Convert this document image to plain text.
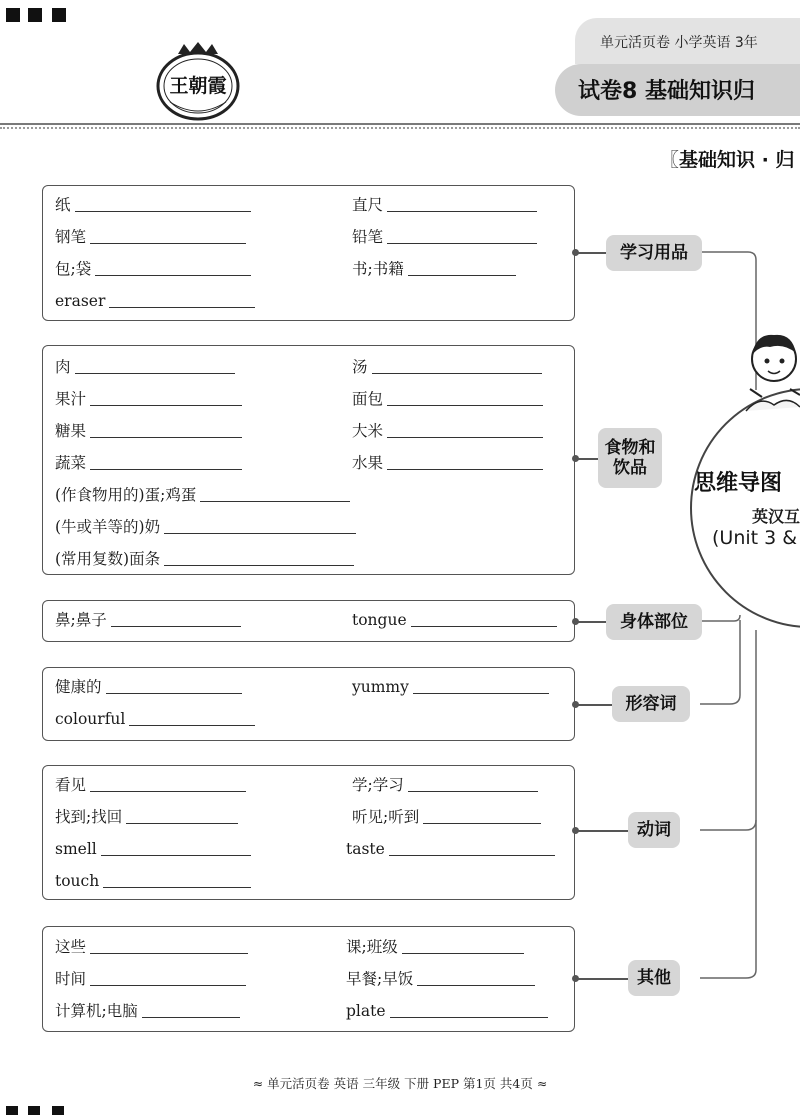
单元活页卷 小学英语 3年
试卷8 基础知识归
王朝霞
〖基础知识 · 归
纸	直尺
钢笔	铅笔
包;袋	书;书籍
eraser
学习用品
肉	汤
果汁	面包
糖果	大米
蔬菜	水果
(作食物用的)蛋;鸡蛋
(牛或羊等的)奶
(常用复数)面条
食物和
饮品
鼻;鼻子	tongue	身体部位
健康的	yummy
colourful
形容词
看见	学;学习
找到;找回	听见;听到
smell	taste
touch
动词
这些	课;班级
时间	早餐;早饭
计算机;电脑	plate
其他
思维导图
英汉互
(Unit 3 &
≈ 单元活页卷 英语 三年级 下册 PEP 第1页 共4页 ≈
